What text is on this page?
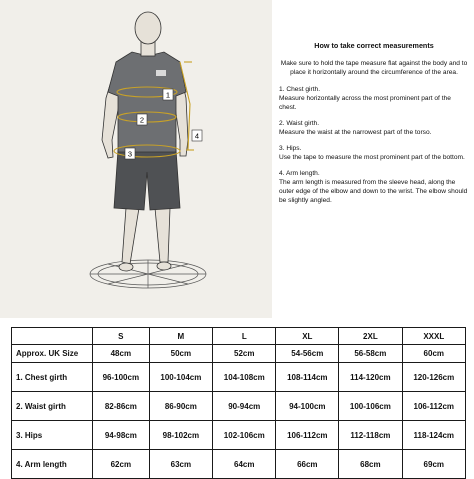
1
2
3
4
How to take correct measurements
Make sure to hold the tape measure flat against the body and to place it horizontally around the circumference of the area.

1. Chest girth.

Measure horizontally across the most prominent part of the chest.

2. Waist girth.

Measure the waist at the narrowest part of the torso.

3. Hips.

Use the tape to measure the most prominent part of the bottom.

4. Arm length.

The arm length is measured from the sleeve head, along the outer edge of the elbow and down to the wrist. The elbow should be slightly angled.

	S	M	L	XL	2XL	XXXL
Approx. UK Size	48cm	50cm	52cm	54-56cm	56-58cm	60cm
1. Chest girth	96-100cm	100-104cm	104-108cm	108-114cm	114-120cm	120-126cm
2. Waist girth	82-86cm	86-90cm	90-94cm	94-100cm	100-106cm	106-112cm
3. Hips	94-98cm	98-102cm	102-106cm	106-112cm	112-118cm	118-124cm
4. Arm length	62cm	63cm	64cm	66cm	68cm	69cm
